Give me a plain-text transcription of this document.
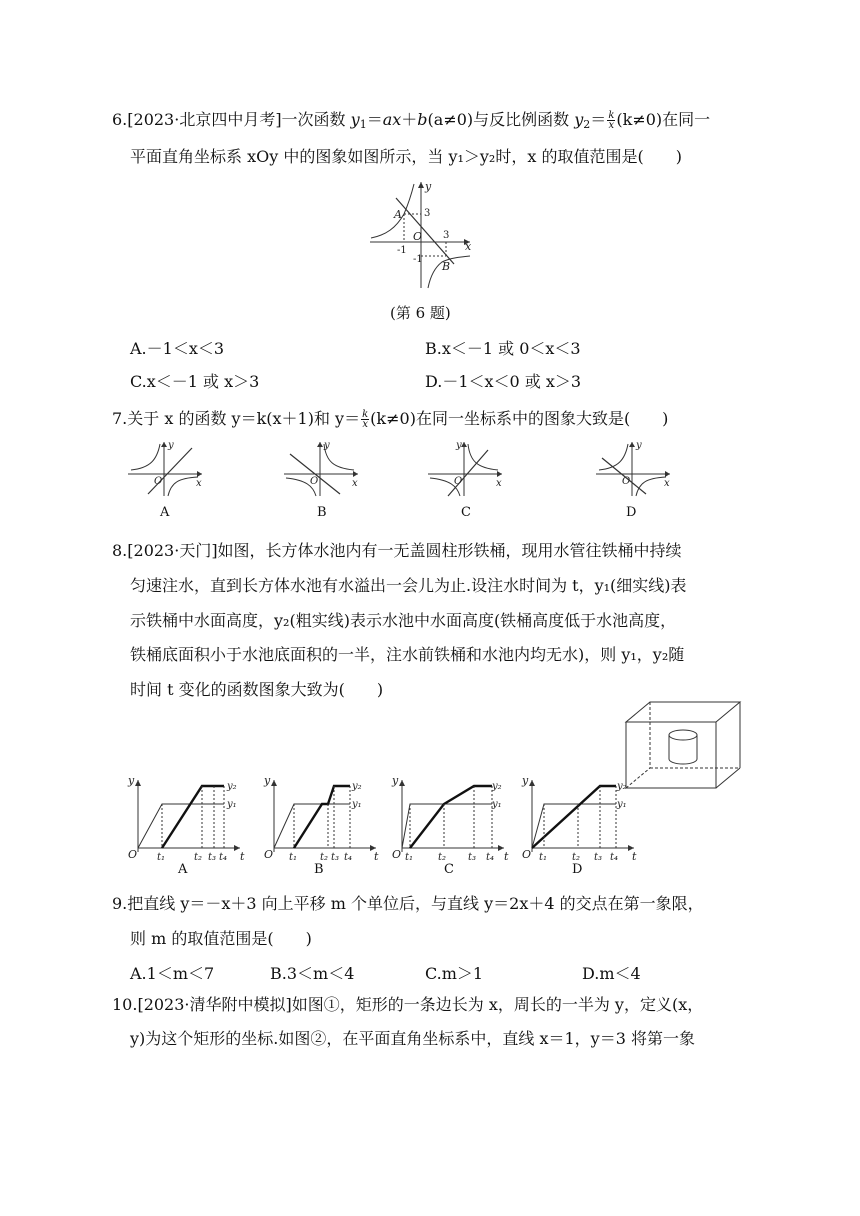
6.[2023·北京四中月考]一次函数 $y_1=ax+b(a\ne 0)$与反比例函数 $y_2= \frac{k}{x} (k\ne 0)$在同一
平面直角坐标系 xOy 中的图象如图所示，当 y₁＞y₂时，x 的取值范围是(　　)
A 3
O 3
x
y
-1
-1
B
(第 6 题)
A.－1＜x＜3	B.x＜－1 或 0＜x＜3
C.x＜－1 或 x＞3	D.－1＜x＜0 或 x＞3
7.关于 x 的函数 y＝k(x＋1)和 $y= \frac{k}{x} (k\ne 0)$在同一坐标系中的图象大致是(　　)
y
x
O
A
y
x
O
B
y
x
O
C
y
x
O
D
8.[2023·天门]如图，长方体水池内有一无盖圆柱形铁桶，现用水管往铁桶中持续
匀速注水，直到长方体水池有水溢出一会儿为止.设注水时间为 t，y₁(细实线)表
示铁桶中水面高度，y₂(粗实线)表示水池中水面高度(铁桶高度低于水池高度，
铁桶底面积小于水池底面积的一半，注水前铁桶和水池内均无水)，则 y₁，y₂随
时间 t 变化的函数图象大致为(　　)
y
O t₁	t₂ t₃ t₄ t
y₂
y₁
A
y
O t₁ t₂ t₃ t₄ t
y₂
y₁
B
y
O t₁ t₂ t₃ t₄ t
y₂
y₁
C
y
O t₁ t₂ t₃ t₄ t
y₂
y₁
D
9.把直线 y＝－x＋3 向上平移 m 个单位后，与直线 y＝2x＋4 的交点在第一象限，
则 m 的取值范围是(　　)
A.1＜m＜7	B.3＜m＜4	C.m＞1	D.m＜4
10.[2023·清华附中模拟]如图①，矩形的一条边长为 x，周长的一半为 y，定义(x，
y)为这个矩形的坐标.如图②，在平面直角坐标系中，直线 x＝1，y＝3 将第一象
